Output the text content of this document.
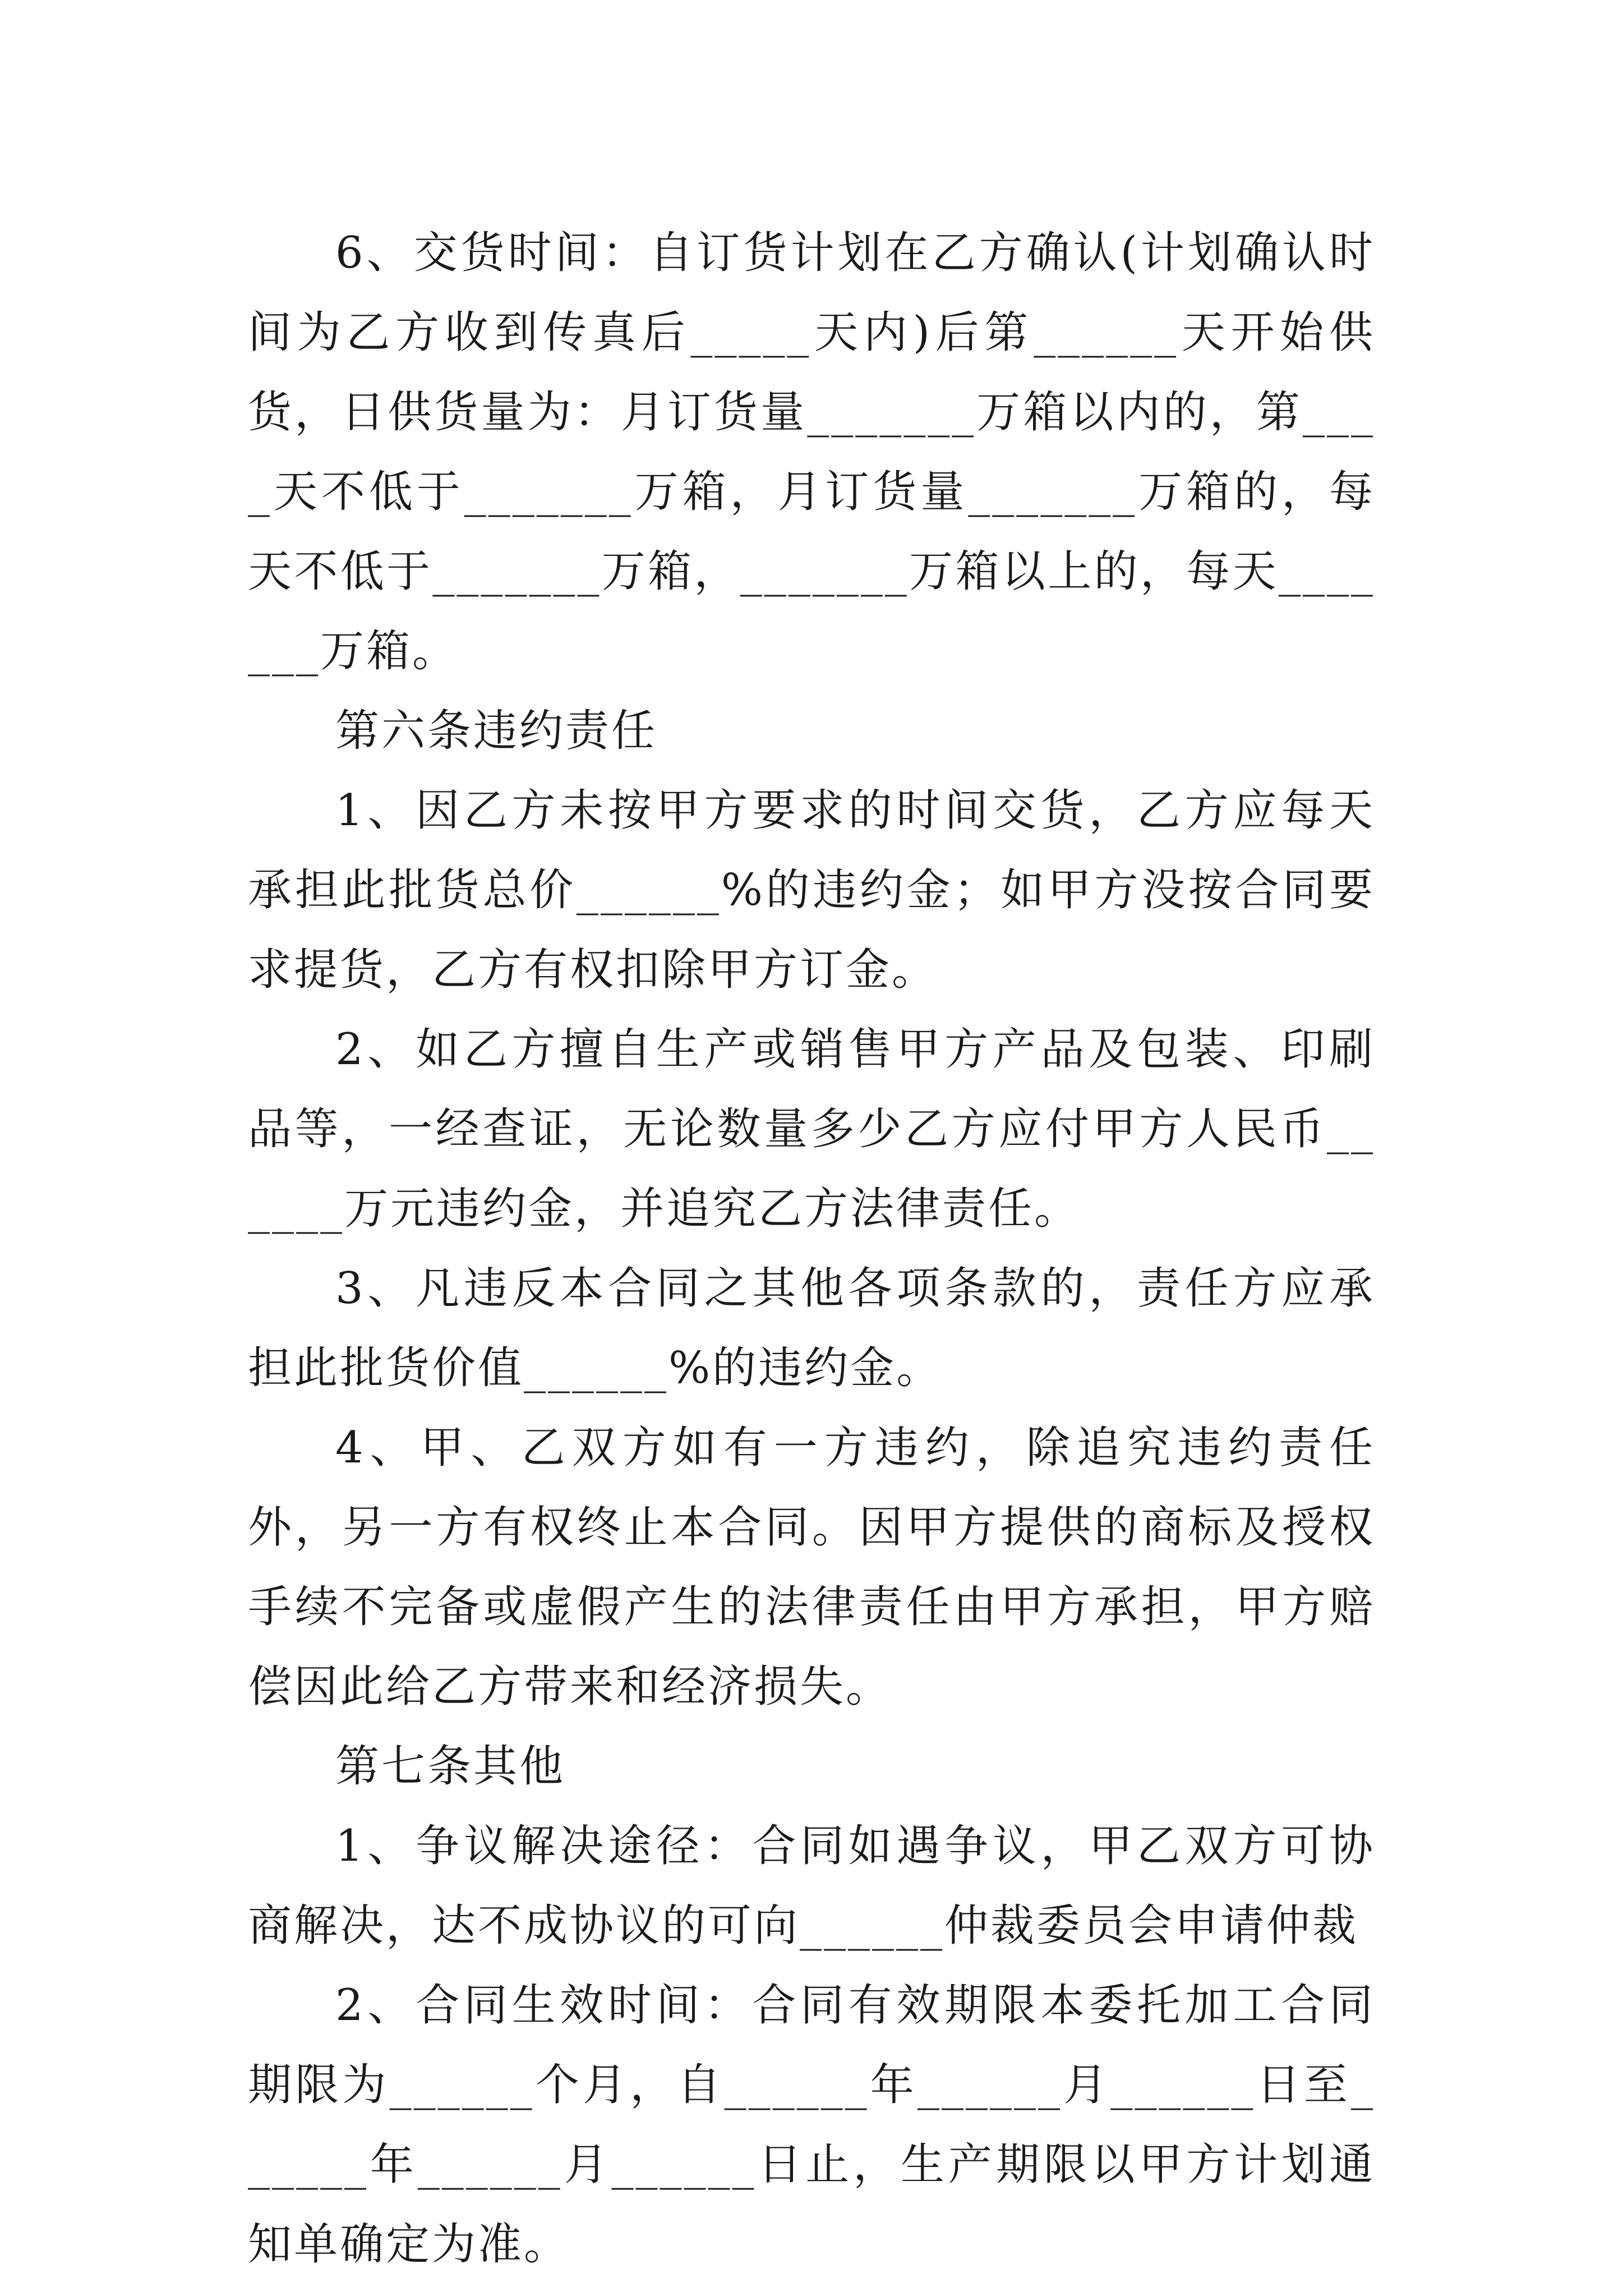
6、交货时间：自订货计划在乙方确认(计划确认时间为乙方收到传真后_____天内)后第______天开始供货，日供货量为：月订货量_______万箱以内的，第____天不低于_______万箱，月订货量_______万箱的，每天不低于_______万箱，_______万箱以上的，每天_______万箱。

第六条违约责任

1、因乙方未按甲方要求的时间交货，乙方应每天承担此批货总价______%的违约金；如甲方没按合同要求提货，乙方有权扣除甲方订金。

2、如乙方擅自生产或销售甲方产品及包装、印刷品等，一经查证，无论数量多少乙方应付甲方人民币______万元违约金，并追究乙方法律责任。

3、凡违反本合同之其他各项条款的，责任方应承担此批货价值______%的违约金。

4、甲、乙双方如有一方违约，除追究违约责任外，另一方有权终止本合同。因甲方提供的商标及授权手续不完备或虚假产生的法律责任由甲方承担，甲方赔偿因此给乙方带来和经济损失。

第七条其他

1、争议解决途径：合同如遇争议，甲乙双方可协商解决，达不成协议的可向______仲裁委员会申请仲裁

2、合同生效时间：合同有效期限本委托加工合同期限为______个月，自______年______月______日至______年______月______日止，生产期限以甲方计划通知单确定为准。
